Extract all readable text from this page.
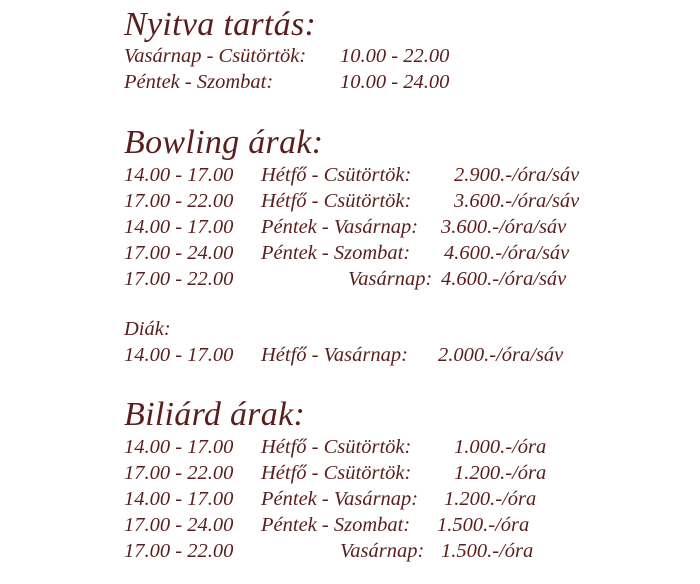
Nyitva tartás:
Vasárnap - Csütörtök: 10.00 - 22.00
Péntek - Szombat:	10.00 - 24.00
Bowling árak:
14.00 - 17.00 Hétfő - Csütörtök: 2.900.-/óra/sáv
17.00 - 22.00 Hétfő - Csütörtök: 3.600.-/óra/sáv
14.00 - 17.00 Péntek - Vasárnap: 3.600.-/óra/sáv
17.00 - 24.00 Péntek - Szombat: 4.600.-/óra/sáv
17.00 - 22.00	Vasárnap: 4.600.-/óra/sáv
Diák:
14.00 - 17.00 Hétfő - Vasárnap: 2.000.-/óra/sáv
Biliárd árak:
14.00 - 17.00 Hétfő - Csütörtök: 1.000.-/óra
17.00 - 22.00 Hétfő - Csütörtök: 1.200.-/óra
14.00 - 17.00 Péntek - Vasárnap: 1.200.-/óra
17.00 - 24.00 Péntek - Szombat: 1.500.-/óra
17.00 - 22.00	Vasárnap: 1.500.-/óra
